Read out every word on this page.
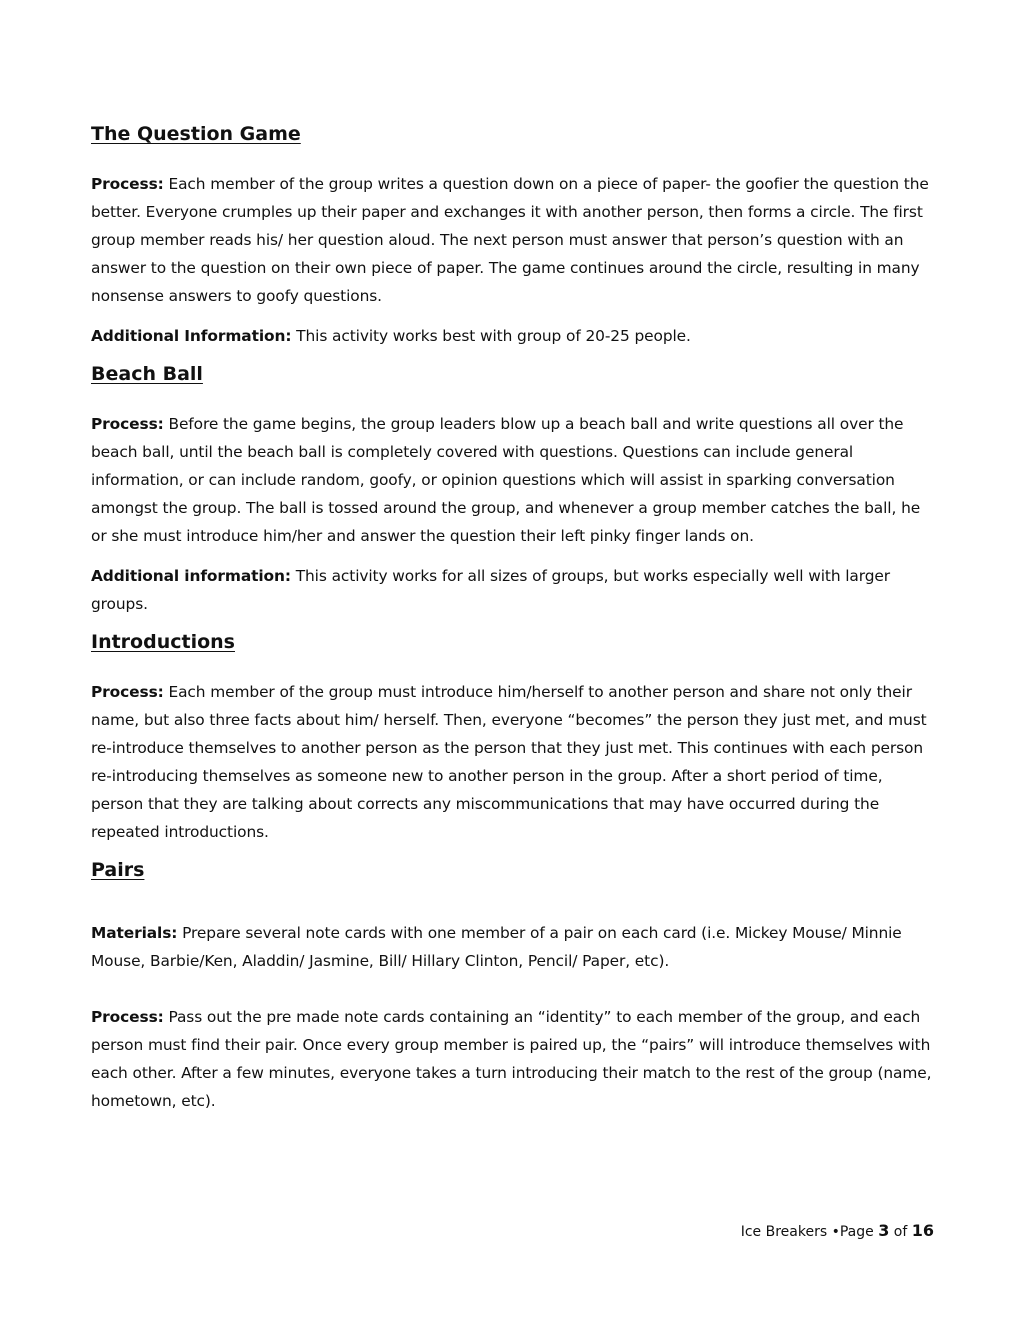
The Question Game

Process: Each member of the group writes a question down on a piece of paper- the goofier the question the better. Everyone crumples up their paper and exchanges it with another person, then forms a circle. The first group member reads his/ her question aloud. The next person must answer that person’s question with an answer to the question on their own piece of paper. The game continues around the circle, resulting in many nonsense answers to goofy questions.

Additional Information: This activity works best with group of 20-25 people.

Beach Ball

Process: Before the game begins, the group leaders blow up a beach ball and write questions all over the beach ball, until the beach ball is completely covered with questions. Questions can include general information, or can include random, goofy, or opinion questions which will assist in sparking conversation amongst the group. The ball is tossed around the group, and whenever a group member catches the ball, he or she must introduce him/her and answer the question their left pinky finger lands on.

Additional information: This activity works for all sizes of groups, but works especially well with larger groups.

Introductions

Process: Each member of the group must introduce him/herself to another person and share not only their name, but also three facts about him/ herself. Then, everyone “becomes” the person they just met, and must re-introduce themselves to another person as the person that they just met. This continues with each person re-introducing themselves as someone new to another person in the group. After a short period of time, person that they are talking about corrects any miscommunications that may have occurred during the repeated introductions.

Pairs

Materials: Prepare several note cards with one member of a pair on each card (i.e. Mickey Mouse/ Minnie Mouse, Barbie/Ken, Aladdin/ Jasmine, Bill/ Hillary Clinton, Pencil/ Paper, etc).

Process: Pass out the pre made note cards containing an “identity” to each member of the group, and each person must find their pair. Once every group member is paired up, the “pairs” will introduce themselves with each other. After a few minutes, everyone takes a turn introducing their match to the rest of the group (name, hometown, etc).

Ice Breakers •Page 3 of 16
